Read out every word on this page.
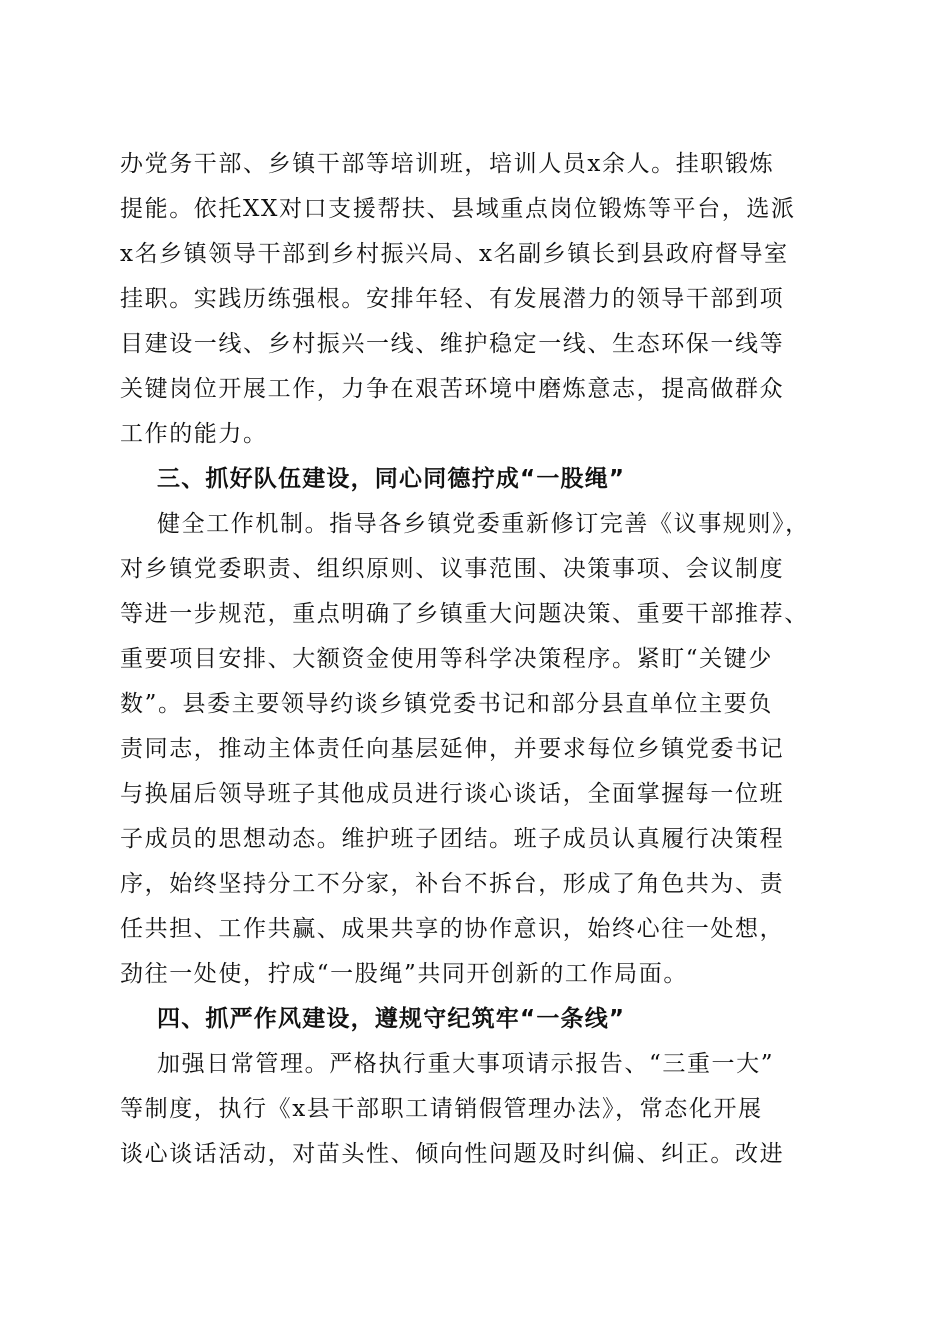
办党务干部、乡镇干部等培训班，培训人员x余人。挂职锻炼
提能。依托XX对口支援帮扶、县域重点岗位锻炼等平台，选派
x名乡镇领导干部到乡村振兴局、x名副乡镇长到县政府督导室
挂职。实践历练强根。安排年轻、有发展潜力的领导干部到项
目建设一线、乡村振兴一线、维护稳定一线、生态环保一线等
关键岗位开展工作，力争在艰苦环境中磨炼意志，提高做群众
工作的能力。
三、抓好队伍建设，同心同德拧成“一股绳”
健全工作机制。指导各乡镇党委重新修订完善《议事规则》，
对乡镇党委职责、组织原则、议事范围、决策事项、会议制度
等进一步规范，重点明确了乡镇重大问题决策、重要干部推荐、
重要项目安排、大额资金使用等科学决策程序。紧盯“关键少
数”。县委主要领导约谈乡镇党委书记和部分县直单位主要负
责同志，推动主体责任向基层延伸，并要求每位乡镇党委书记
与换届后领导班子其他成员进行谈心谈话，全面掌握每一位班
子成员的思想动态。维护班子团结。班子成员认真履行决策程
序，始终坚持分工不分家，补台不拆台，形成了角色共为、责
任共担、工作共赢、成果共享的协作意识，始终心往一处想，
劲往一处使，拧成“一股绳”共同开创新的工作局面。
四、抓严作风建设，遵规守纪筑牢“一条线”
加强日常管理。严格执行重大事项请示报告、“三重一大”
等制度，执行《x县干部职工请销假管理办法》，常态化开展
谈心谈话活动，对苗头性、倾向性问题及时纠偏、纠正。改进
